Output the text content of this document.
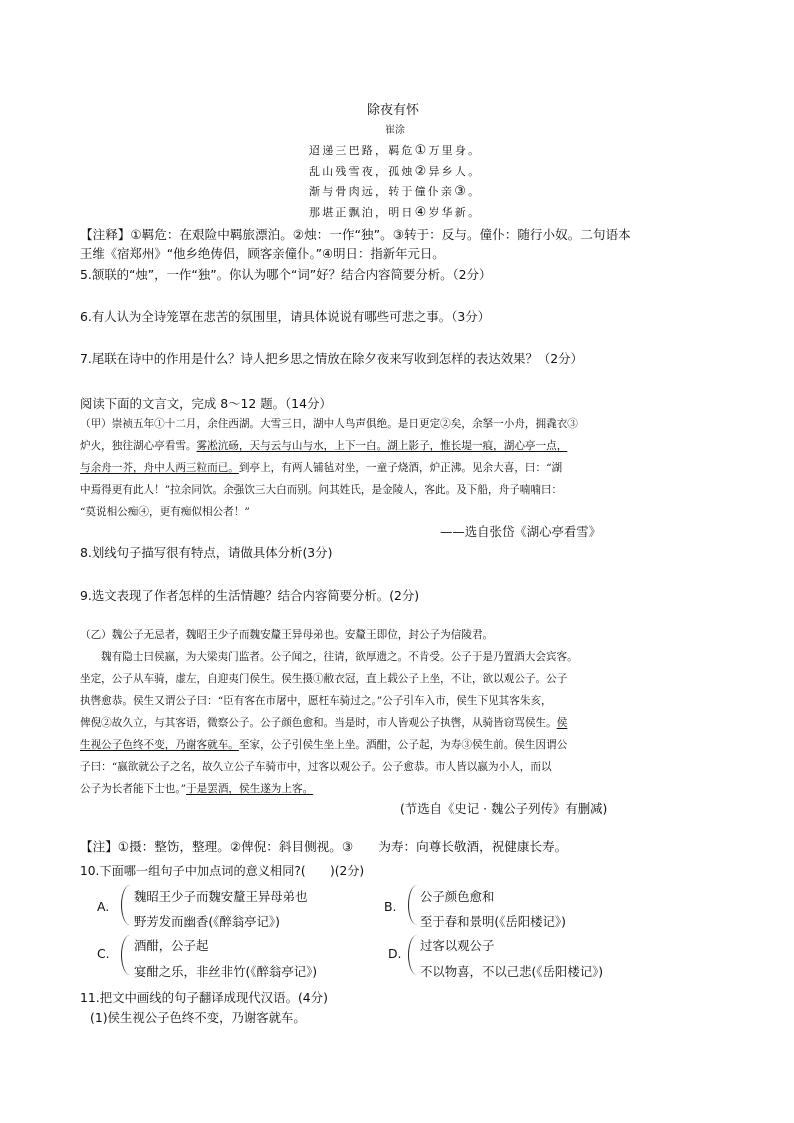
除夜有怀
崔涂
迢递三巴路，羁危①万里身。
乱山残雪夜，孤烛②异乡人。
渐与骨肉远，转于僮仆亲③。
那堪正飘泊，明日④岁华新。
【注释】①羁危：在艰险中羁旅漂泊。②烛：一作“独”。③转于：反与。僮仆：随行小奴。二句语本
王维《宿郑州》“他乡绝俦侣，顾客亲僮仆。”④明日：指新年元日。
5.颔联的“烛”，一作“独”。你认为哪个“词”好？结合内容简要分析。（2分）
6.有人认为全诗笼罩在悲苦的氛围里，请具体说说有哪些可悲之事。（3分）
7.尾联在诗中的作用是什么？诗人把乡思之情放在除夕夜来写收到怎样的表达效果？（2分）
阅读下面的文言文，完成 8～12 题。（14分）
（甲）崇祯五年①十二月，余住西湖。大雪三日，湖中人鸟声俱绝。是日更定②矣，余拏一小舟，拥毳衣③
炉火，独往湖心亭看雪。雾凇沆砀，天与云与山与水，上下一白。湖上影子，惟长堤一痕，湖心亭一点，
与余舟一芥，舟中人两三粒而已。到亭上，有两人铺毡对坐，一童子烧酒，炉正沸。见余大喜，曰：“湖
中焉得更有此人！”拉余同饮。余强饮三大白而别。问其姓氏，是金陵人，客此。及下船，舟子喃喃曰：
“莫说相公痴④，更有痴似相公者！”
——选自张岱《湖心亭看雪》
8.划线句子描写很有特点，请做具体分析(3分)
9.选文表现了作者怎样的生活情趣？结合内容简要分析。(2分)
（乙）魏公子无忌者，魏昭王少子而魏安釐王异母弟也。安釐王即位，封公子为信陵君。
魏有隐士曰侯嬴，为大梁夷门监者。公子闻之，往请，欲厚遗之。不肯受。公子于是乃置酒大会宾客。
坐定，公子从车骑，虚左，自迎夷门侯生。侯生摄①敝衣冠，直上载公子上坐，不让，欲以观公子。公子
执辔愈恭。侯生又谓公子曰：“臣有客在市屠中，愿枉车骑过之。”公子引车入市，侯生下见其客朱亥，
俾倪②故久立，与其客语，微察公子。公子颜色愈和。当是时，市人皆观公子执辔，从骑皆窃骂侯生。侯
生视公子色终不变，乃谢客就车。至家，公子引侯生坐上坐。酒酣，公子起，为寿③侯生前。侯生因谓公
子曰：“嬴欲就公子之名，故久立公子车骑市中，过客以观公子。公子愈恭。市人皆以嬴为小人，而以
公子为长者能下士也。”于是罢酒，侯生遂为上客。
(节选自《史记 · 魏公子列传》有删减)
【注】①摄：整饬，整理。②俾倪：斜目侧视。③　　为寿：向尊长敬酒，祝健康长寿。
10.下面哪一组句子中加点词的意义相同?(　　)(2分)
A.
魏昭王少子而魏安釐王异母弟也
野芳发而幽香(《醉翁亭记》)
B.
公子颜色愈和
至于春和景明(《岳阳楼记》)
C.
酒酣，公子起
宴酣之乐，非丝非竹(《醉翁亭记》)
D.
过客以观公子
不以物喜，不以己悲(《岳阳楼记》)
11.把文中画线的句子翻译成现代汉语。(4分)
(1)侯生视公子色终不变，乃谢客就车。
